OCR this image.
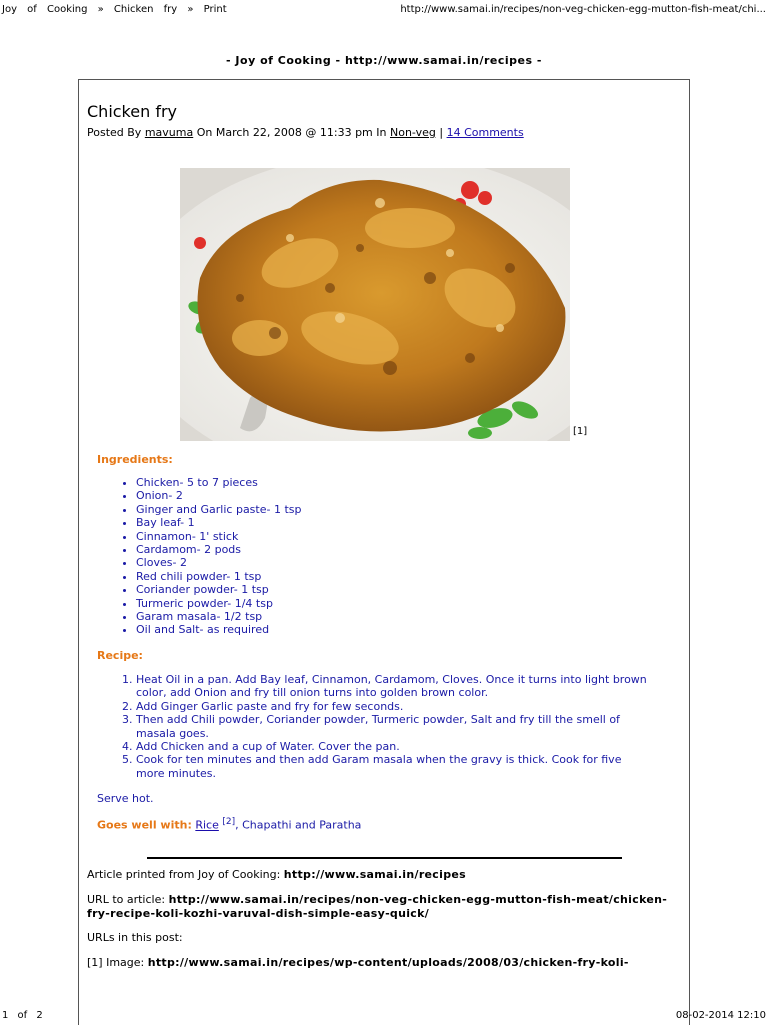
Joy of Cooking » Chicken fry » Print	http://www.samai.in/recipes/non-veg-chicken-egg-mutton-fish-meat/chi...
- Joy of Cooking - http://www.samai.in/recipes -
Chicken fry
Posted By mavuma On March 22, 2008 @ 11:33 pm In Non-veg | 14 Comments
[1]
Ingredients:
• Chicken- 5 to 7 pieces
• Onion- 2
• Ginger and Garlic paste- 1 tsp
• Bay leaf- 1
• Cinnamon- 1' stick
• Cardamom- 2 pods
• Cloves- 2
• Red chili powder- 1 tsp
• Coriander powder- 1 tsp
• Turmeric powder- 1/4 tsp
• Garam masala- 1/2 tsp
• Oil and Salt- as required
Recipe:
1. Heat Oil in a pan. Add Bay leaf, Cinnamon, Cardamom, Cloves. Once it turns into light brown color, add Onion and fry till onion turns into golden brown color.
2. Add Ginger Garlic paste and fry for few seconds.
3. Then add Chili powder, Coriander powder, Turmeric powder, Salt and fry till the smell of masala goes.
4. Add Chicken and a cup of Water. Cover the pan.
5. Cook for ten minutes and then add Garam masala when the gravy is thick. Cook for five more minutes.
Serve hot.
Goes well with: Rice [2], Chapathi and Paratha
Article printed from Joy of Cooking: http://www.samai.in/recipes
URL to article: http://www.samai.in/recipes/non-veg-chicken-egg-mutton-fish-meat/chicken-fry-recipe-koli-kozhi-varuval-dish-simple-easy-quick/
URLs in this post:
[1] Image: http://www.samai.in/recipes/wp-content/uploads/2008/03/chicken-fry-koli-
1 of 2	08-02-2014 12:10
